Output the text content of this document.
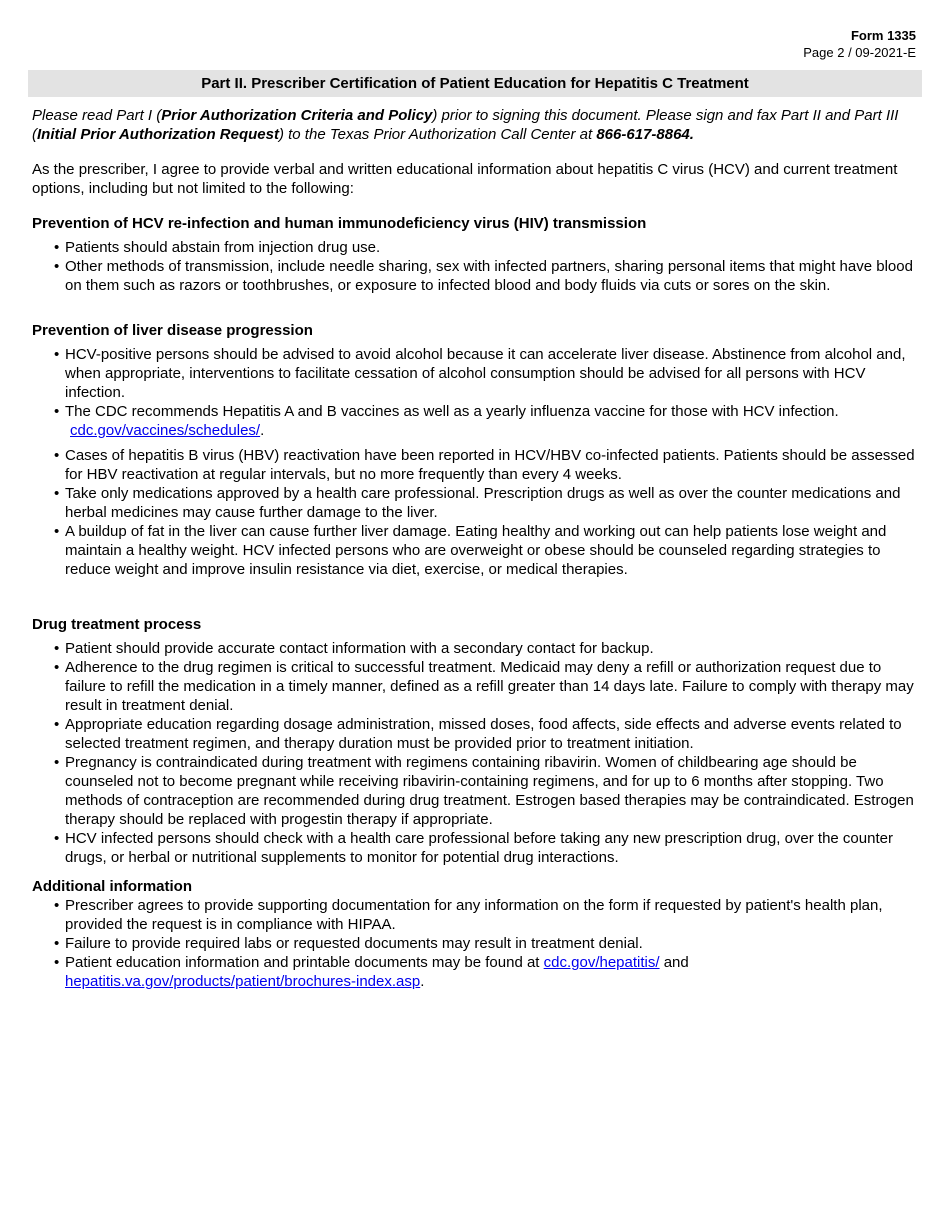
Form 1335
Page 2 / 09-2021-E
Part II. Prescriber Certification of Patient Education for Hepatitis C Treatment

Please read Part I (Prior Authorization Criteria and Policy) prior to signing this document. Please sign and fax Part II and Part III (Initial Prior Authorization Request) to the Texas Prior Authorization Call Center at 866-617-8864.

As the prescriber, I agree to provide verbal and written educational information about hepatitis C virus (HCV) and current treatment options, including but not limited to the following:

Prevention of HCV re-infection and human immunodeficiency virus (HIV) transmission
• Patients should abstain from injection drug use.
• Other methods of transmission, include needle sharing, sex with infected partners, sharing personal items that might have blood on them such as razors or toothbrushes, or exposure to infected blood and body fluids via cuts or sores on the skin.
Prevention of liver disease progression
• HCV-positive persons should be advised to avoid alcohol because it can accelerate liver disease. Abstinence from alcohol and, when appropriate, interventions to facilitate cessation of alcohol consumption should be advised for all persons with HCV infection.
• The CDC recommends Hepatitis A and B vaccines as well as a yearly influenza vaccine for those with HCV infection.
cdc.gov/vaccines/schedules/.
• Cases of hepatitis B virus (HBV) reactivation have been reported in HCV/HBV co-infected patients. Patients should be assessed for HBV reactivation at regular intervals, but no more frequently than every 4 weeks.
• Take only medications approved by a health care professional. Prescription drugs as well as over the counter medications and herbal medicines may cause further damage to the liver.
• A buildup of fat in the liver can cause further liver damage. Eating healthy and working out can help patients lose weight and maintain a healthy weight. HCV infected persons who are overweight or obese should be counseled regarding strategies to reduce weight and improve insulin resistance via diet, exercise, or medical therapies.
Drug treatment process
• Patient should provide accurate contact information with a secondary contact for backup.
• Adherence to the drug regimen is critical to successful treatment. Medicaid may deny a refill or authorization request due to failure to refill the medication in a timely manner, defined as a refill greater than 14 days late. Failure to comply with therapy may result in treatment denial.
• Appropriate education regarding dosage administration, missed doses, food affects, side effects and adverse events related to selected treatment regimen, and therapy duration must be provided prior to treatment initiation.
• Pregnancy is contraindicated during treatment with regimens containing ribavirin. Women of childbearing age should be counseled not to become pregnant while receiving ribavirin-containing regimens, and for up to 6 months after stopping. Two methods of contraception are recommended during drug treatment. Estrogen based therapies may be contraindicated. Estrogen therapy should be replaced with progestin therapy if appropriate.
• HCV infected persons should check with a health care professional before taking any new prescription drug, over the counter drugs, or herbal or nutritional supplements to monitor for potential drug interactions.
Additional information
• Prescriber agrees to provide supporting documentation for any information on the form if requested by patient's health plan, provided the request is in compliance with HIPAA.
• Failure to provide required labs or requested documents may result in treatment denial.
• Patient education information and printable documents may be found at cdc.gov/hepatitis/ and hepatitis.va.gov/products/patient/brochures-index.asp.
